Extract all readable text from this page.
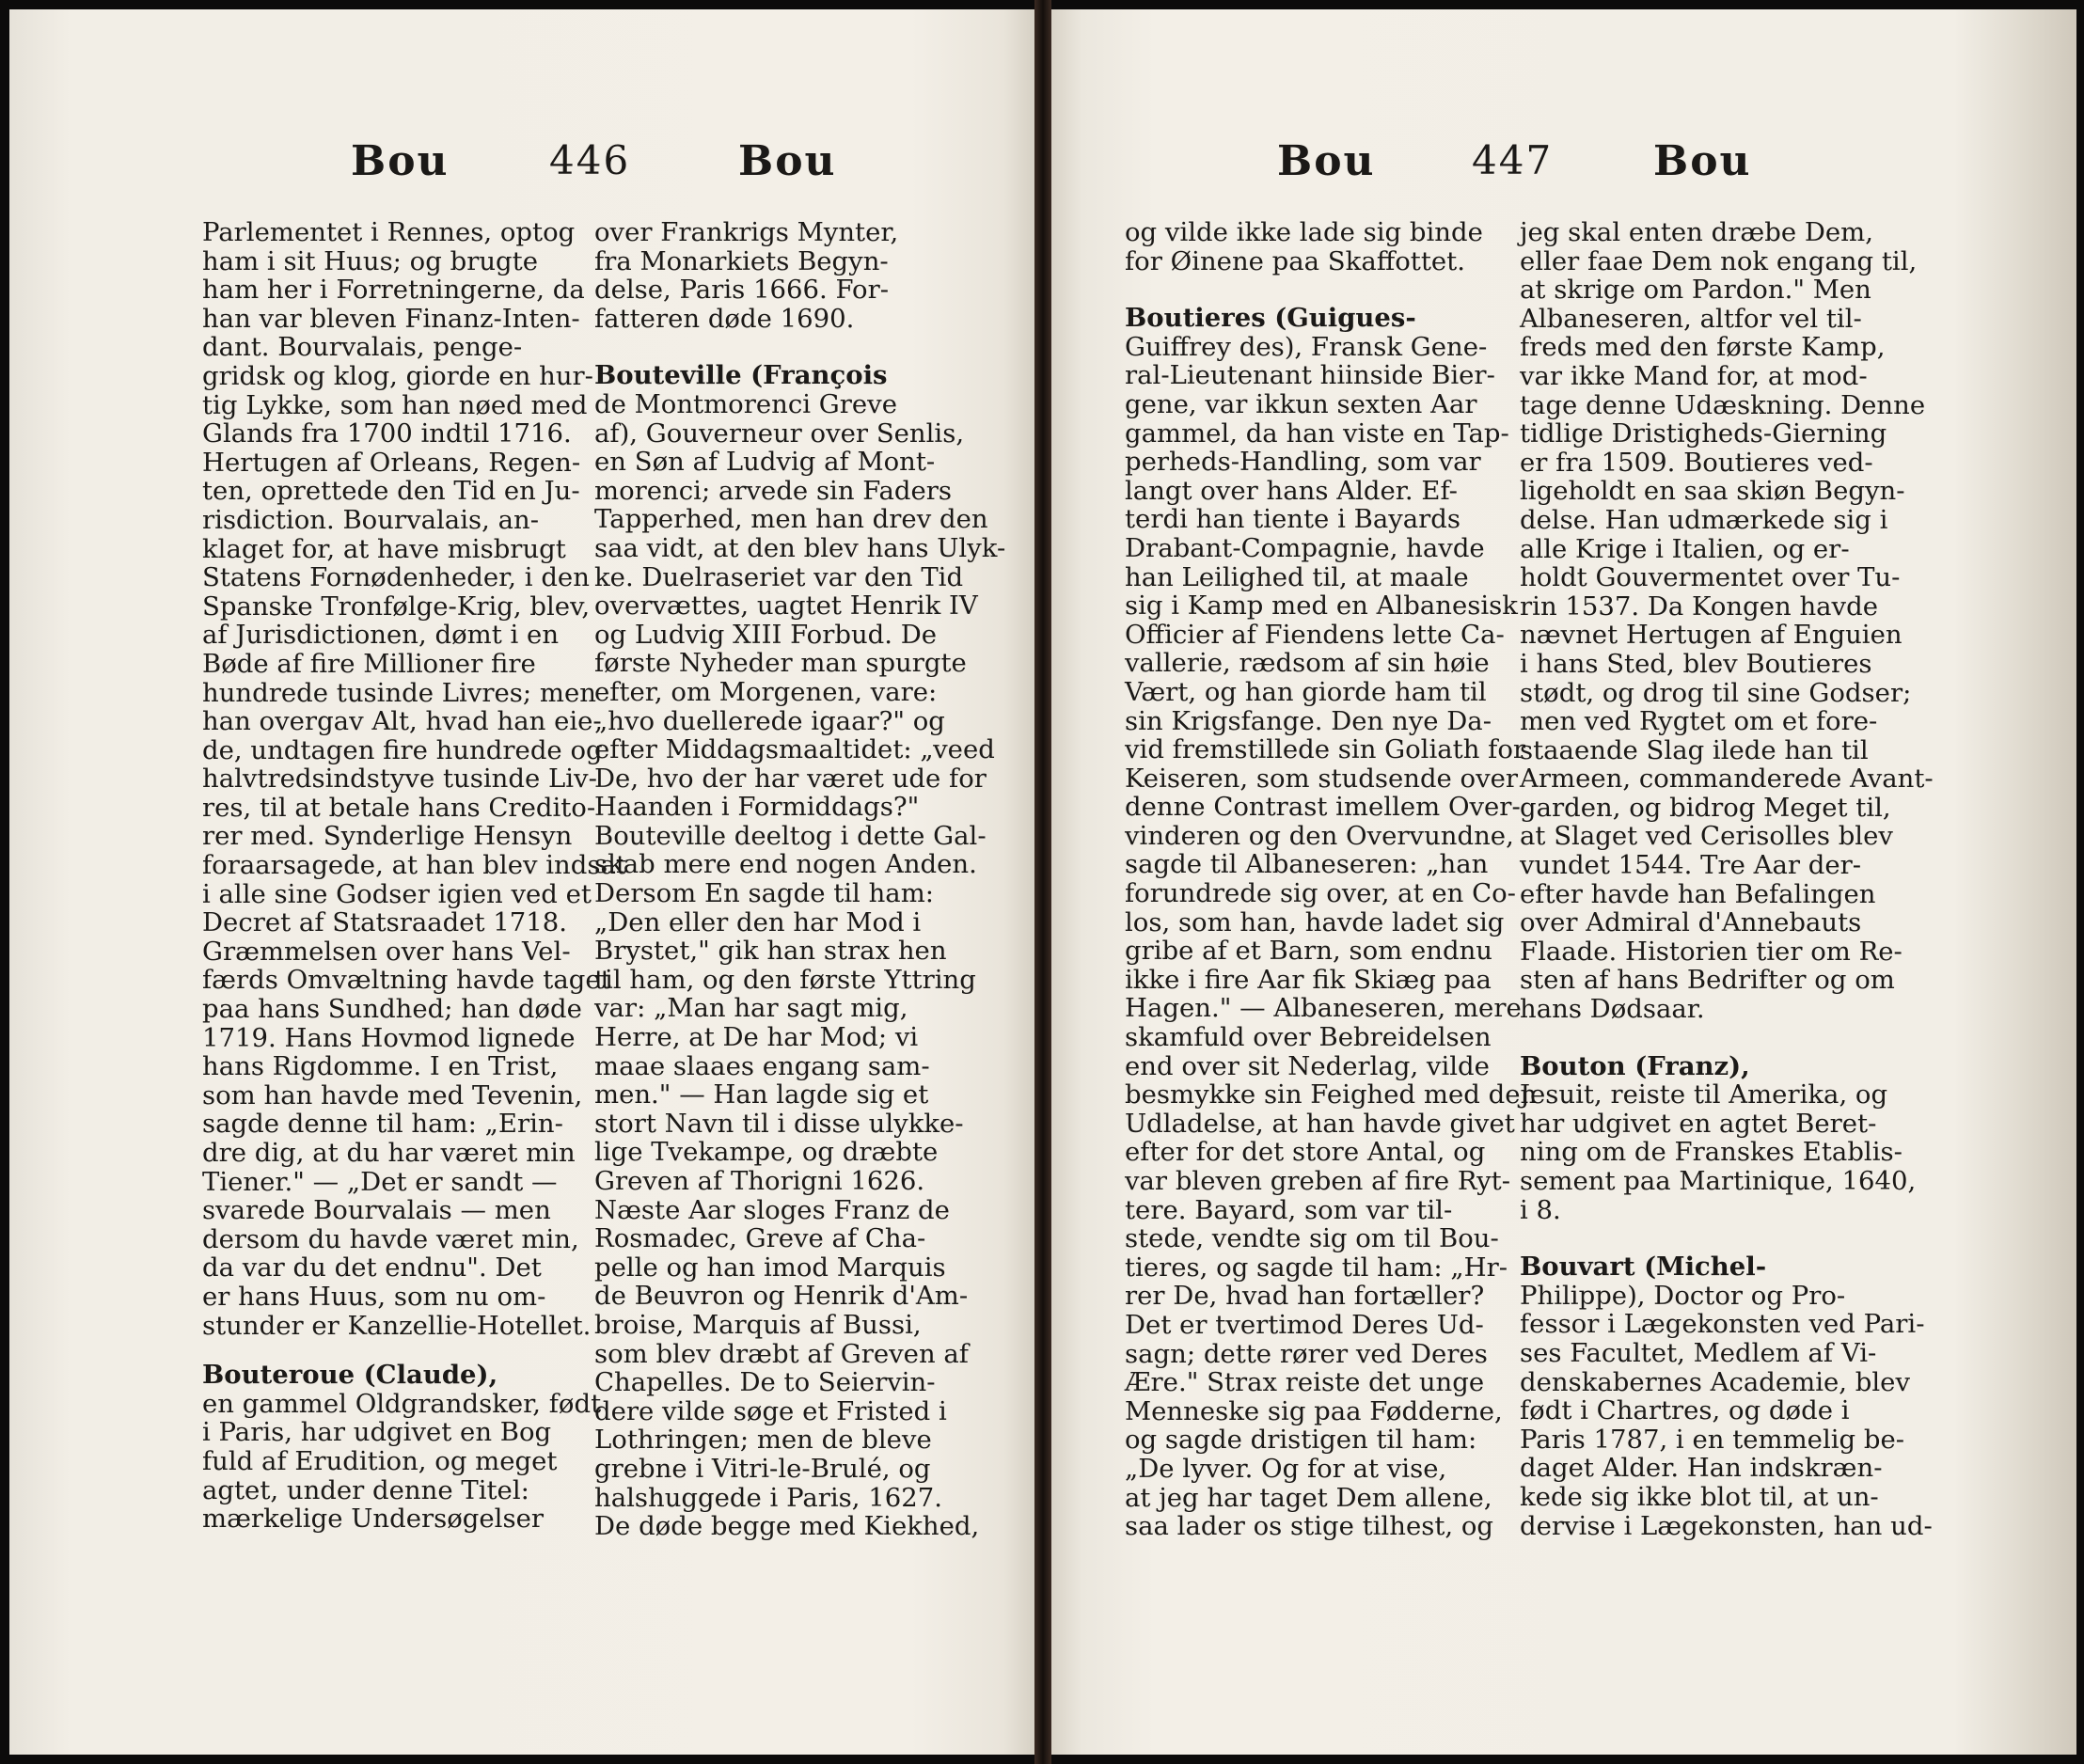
Bou	446	Bou

Parlementet i Rennes, optog

ham i sit Huus; og brugte

ham her i Forretningerne, da

han var bleven Finanz-Inten-

dant. Bourvalais, penge-

gridsk og klog, giorde en hur-

tig Lykke, som han nøed med

Glands fra 1700 indtil 1716.

Hertugen af Orleans, Regen-

ten, oprettede den Tid en Ju-

risdiction. Bourvalais, an-

klaget for, at have misbrugt

Statens Fornødenheder, i den

Spanske Tronfølge-Krig, blev,

af Jurisdictionen, dømt i en

Bøde af fire Millioner fire

hundrede tusinde Livres; men

han overgav Alt, hvad han eie-

de, undtagen fire hundrede og

halvtredsindstyve tusinde Liv-

res, til at betale hans Credito-

rer med. Synderlige Hensyn

foraarsagede, at han blev indsat

i alle sine Godser igien ved et

Decret af Statsraadet 1718.

Græmmelsen over hans Vel-

færds Omvæltning havde taget

paa hans Sundhed; han døde

1719. Hans Hovmod lignede

hans Rigdomme. I en Trist,

som han havde med Tevenin,

sagde denne til ham: „Erin-

dre dig, at du har været min

Tiener." — „Det er sandt —

svarede Bourvalais — men

dersom du havde været min,

da var du det endnu". Det

er hans Huus, som nu om-

stunder er Kanzellie-Hotellet.

Bouteroue (Claude),

en gammel Oldgrandsker, født

i Paris, har udgivet en Bog

fuld af Erudition, og meget

agtet, under denne Titel:

mærkelige Undersøgelser

over Frankrigs Mynter,

fra Monarkiets Begyn-

delse, Paris 1666. For-

fatteren døde 1690.

Bouteville (François

de Montmorenci Greve

af), Gouverneur over Senlis,

en Søn af Ludvig af Mont-

morenci; arvede sin Faders

Tapperhed, men han drev den

saa vidt, at den blev hans Ulyk-

ke. Duelraseriet var den Tid

overvættes, uagtet Henrik IV

og Ludvig XIII Forbud. De

første Nyheder man spurgte

efter, om Morgenen, vare:

„hvo duellerede igaar?" og

efter Middagsmaaltidet: „veed

De, hvo der har været ude for

Haanden i Formiddags?"

Bouteville deeltog i dette Gal-

skab mere end nogen Anden.

Dersom En sagde til ham:

„Den eller den har Mod i

Brystet," gik han strax hen

til ham, og den første Yttring

var: „Man har sagt mig,

Herre, at De har Mod; vi

maae slaaes engang sam-

men." — Han lagde sig et

stort Navn til i disse ulykke-

lige Tvekampe, og dræbte

Greven af Thorigni 1626.

Næste Aar sloges Franz de

Rosmadec, Greve af Cha-

pelle og han imod Marquis

de Beuvron og Henrik d'Am-

broise, Marquis af Bussi,

som blev dræbt af Greven af

Chapelles. De to Seiervin-

dere vilde søge et Fristed i

Lothringen; men de bleve

grebne i Vitri-le-Brulé, og

halshuggede i Paris, 1627.

De døde begge med Kiekhed,

Bou 447 Bou

og vilde ikke lade sig binde

for Øinene paa Skaffottet.

Boutieres (Guigues-

Guiffrey des), Fransk Gene-

ral-Lieutenant hiinside Bier-

gene, var ikkun sexten Aar

gammel, da han viste en Tap-

perheds-Handling, som var

langt over hans Alder. Ef-

terdi han tiente i Bayards

Drabant-Compagnie, havde

han Leilighed til, at maale

sig i Kamp med en Albanesisk

Officier af Fiendens lette Ca-

vallerie, rædsom af sin høie

Vært, og han giorde ham til

sin Krigsfange. Den nye Da-

vid fremstillede sin Goliath for

Keiseren, som studsende over

denne Contrast imellem Over-

vinderen og den Overvundne,

sagde til Albaneseren: „han

forundrede sig over, at en Co-

los, som han, havde ladet sig

gribe af et Barn, som endnu

ikke i fire Aar fik Skiæg paa

Hagen." — Albaneseren, mere

skamfuld over Bebreidelsen

end over sit Nederlag, vilde

besmykke sin Feighed med den

Udladelse, at han havde givet

efter for det store Antal, og

var bleven greben af fire Ryt-

tere. Bayard, som var til-

stede, vendte sig om til Bou-

tieres, og sagde til ham: „Hr-

rer De, hvad han fortæller?

Det er tvertimod Deres Ud-

sagn; dette rører ved Deres

Ære." Strax reiste det unge

Menneske sig paa Fødderne,

og sagde dristigen til ham:

„De lyver. Og for at vise,

at jeg har taget Dem allene,

saa lader os stige tilhest, og

jeg skal enten dræbe Dem,

eller faae Dem nok engang til,

at skrige om Pardon." Men

Albaneseren, altfor vel til-

freds med den første Kamp,

var ikke Mand for, at mod-

tage denne Udæskning. Denne

tidlige Dristigheds-Gierning

er fra 1509. Boutieres ved-

ligeholdt en saa skiøn Begyn-

delse. Han udmærkede sig i

alle Krige i Italien, og er-

holdt Gouvermentet over Tu-

rin 1537. Da Kongen havde

nævnet Hertugen af Enguien

i hans Sted, blev Boutieres

stødt, og drog til sine Godser;

men ved Rygtet om et fore-

staaende Slag ilede han til

Armeen, commanderede Avant-

garden, og bidrog Meget til,

at Slaget ved Cerisolles blev

vundet 1544. Tre Aar der-

efter havde han Befalingen

over Admiral d'Annebauts

Flaade. Historien tier om Re-

sten af hans Bedrifter og om

hans Dødsaar.

Bouton (Franz),

Jesuit, reiste til Amerika, og

har udgivet en agtet Beret-

ning om de Franskes Etablis-

sement paa Martinique, 1640,

i 8.

Bouvart (Michel-

Philippe), Doctor og Pro-

fessor i Lægekonsten ved Pari-

ses Facultet, Medlem af Vi-

denskabernes Academie, blev

født i Chartres, og døde i

Paris 1787, i en temmelig be-

daget Alder. Han indskræn-

kede sig ikke blot til, at un-

dervise i Lægekonsten, han ud-
